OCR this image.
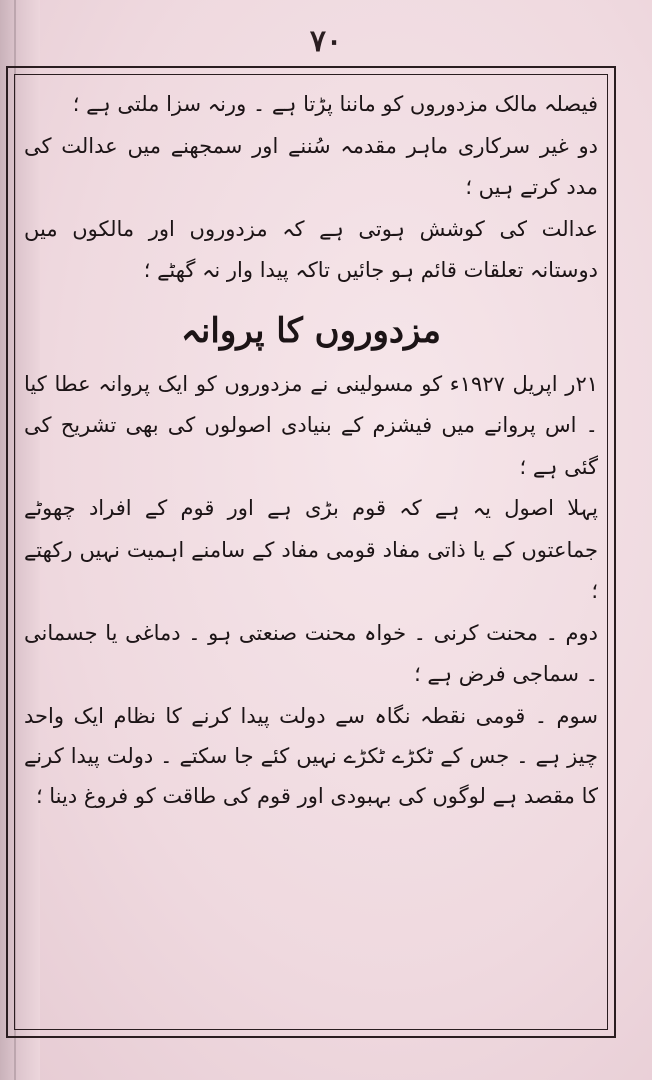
۷۰

فیصلہ مالک مزدوروں کو ماننا پڑتا ہے ۔ ورنہ سزا ملتی ہے ؛

دو غیر سرکاری ماہر مقدمہ سُننے اور سمجھنے میں عدالت کی مدد کرتے ہیں ؛

عدالت کی کوشش ہوتی ہے کہ مزدوروں اور مالکوں میں دوستانہ تعلقات قائم ہو جائیں تاکہ پیدا وار نہ گھٹے ؛

مزدوروں کا پروانہ

۲۱ر اپریل ۱۹۲۷ء کو مسولینی نے مزدوروں کو ایک پروانہ عطا کیا ۔ اس پروانے میں فیشزم کے بنیادی اصولوں کی بھی تشریح کی گئی ہے ؛

پہلا اصول یہ ہے کہ قوم بڑی ہے اور قوم کے افراد چھوٹے جماعتوں کے یا ذاتی مفاد قومی مفاد کے سامنے اہمیت نہیں رکھتے ؛

دوم ۔ محنت کرنی ۔ خواہ محنت صنعتی ہو ۔ دماغی یا جسمانی ۔ سماجی فرض ہے ؛

سوم ۔ قومی نقطہ نگاہ سے دولت پیدا کرنے کا نظام ایک واحد چیز ہے ۔ جس کے ٹکڑے ٹکڑے نہیں کئے جا سکتے ۔ دولت پیدا کرنے کا مقصد ہے لوگوں کی بہبودی اور قوم کی طاقت کو فروغ دینا ؛
